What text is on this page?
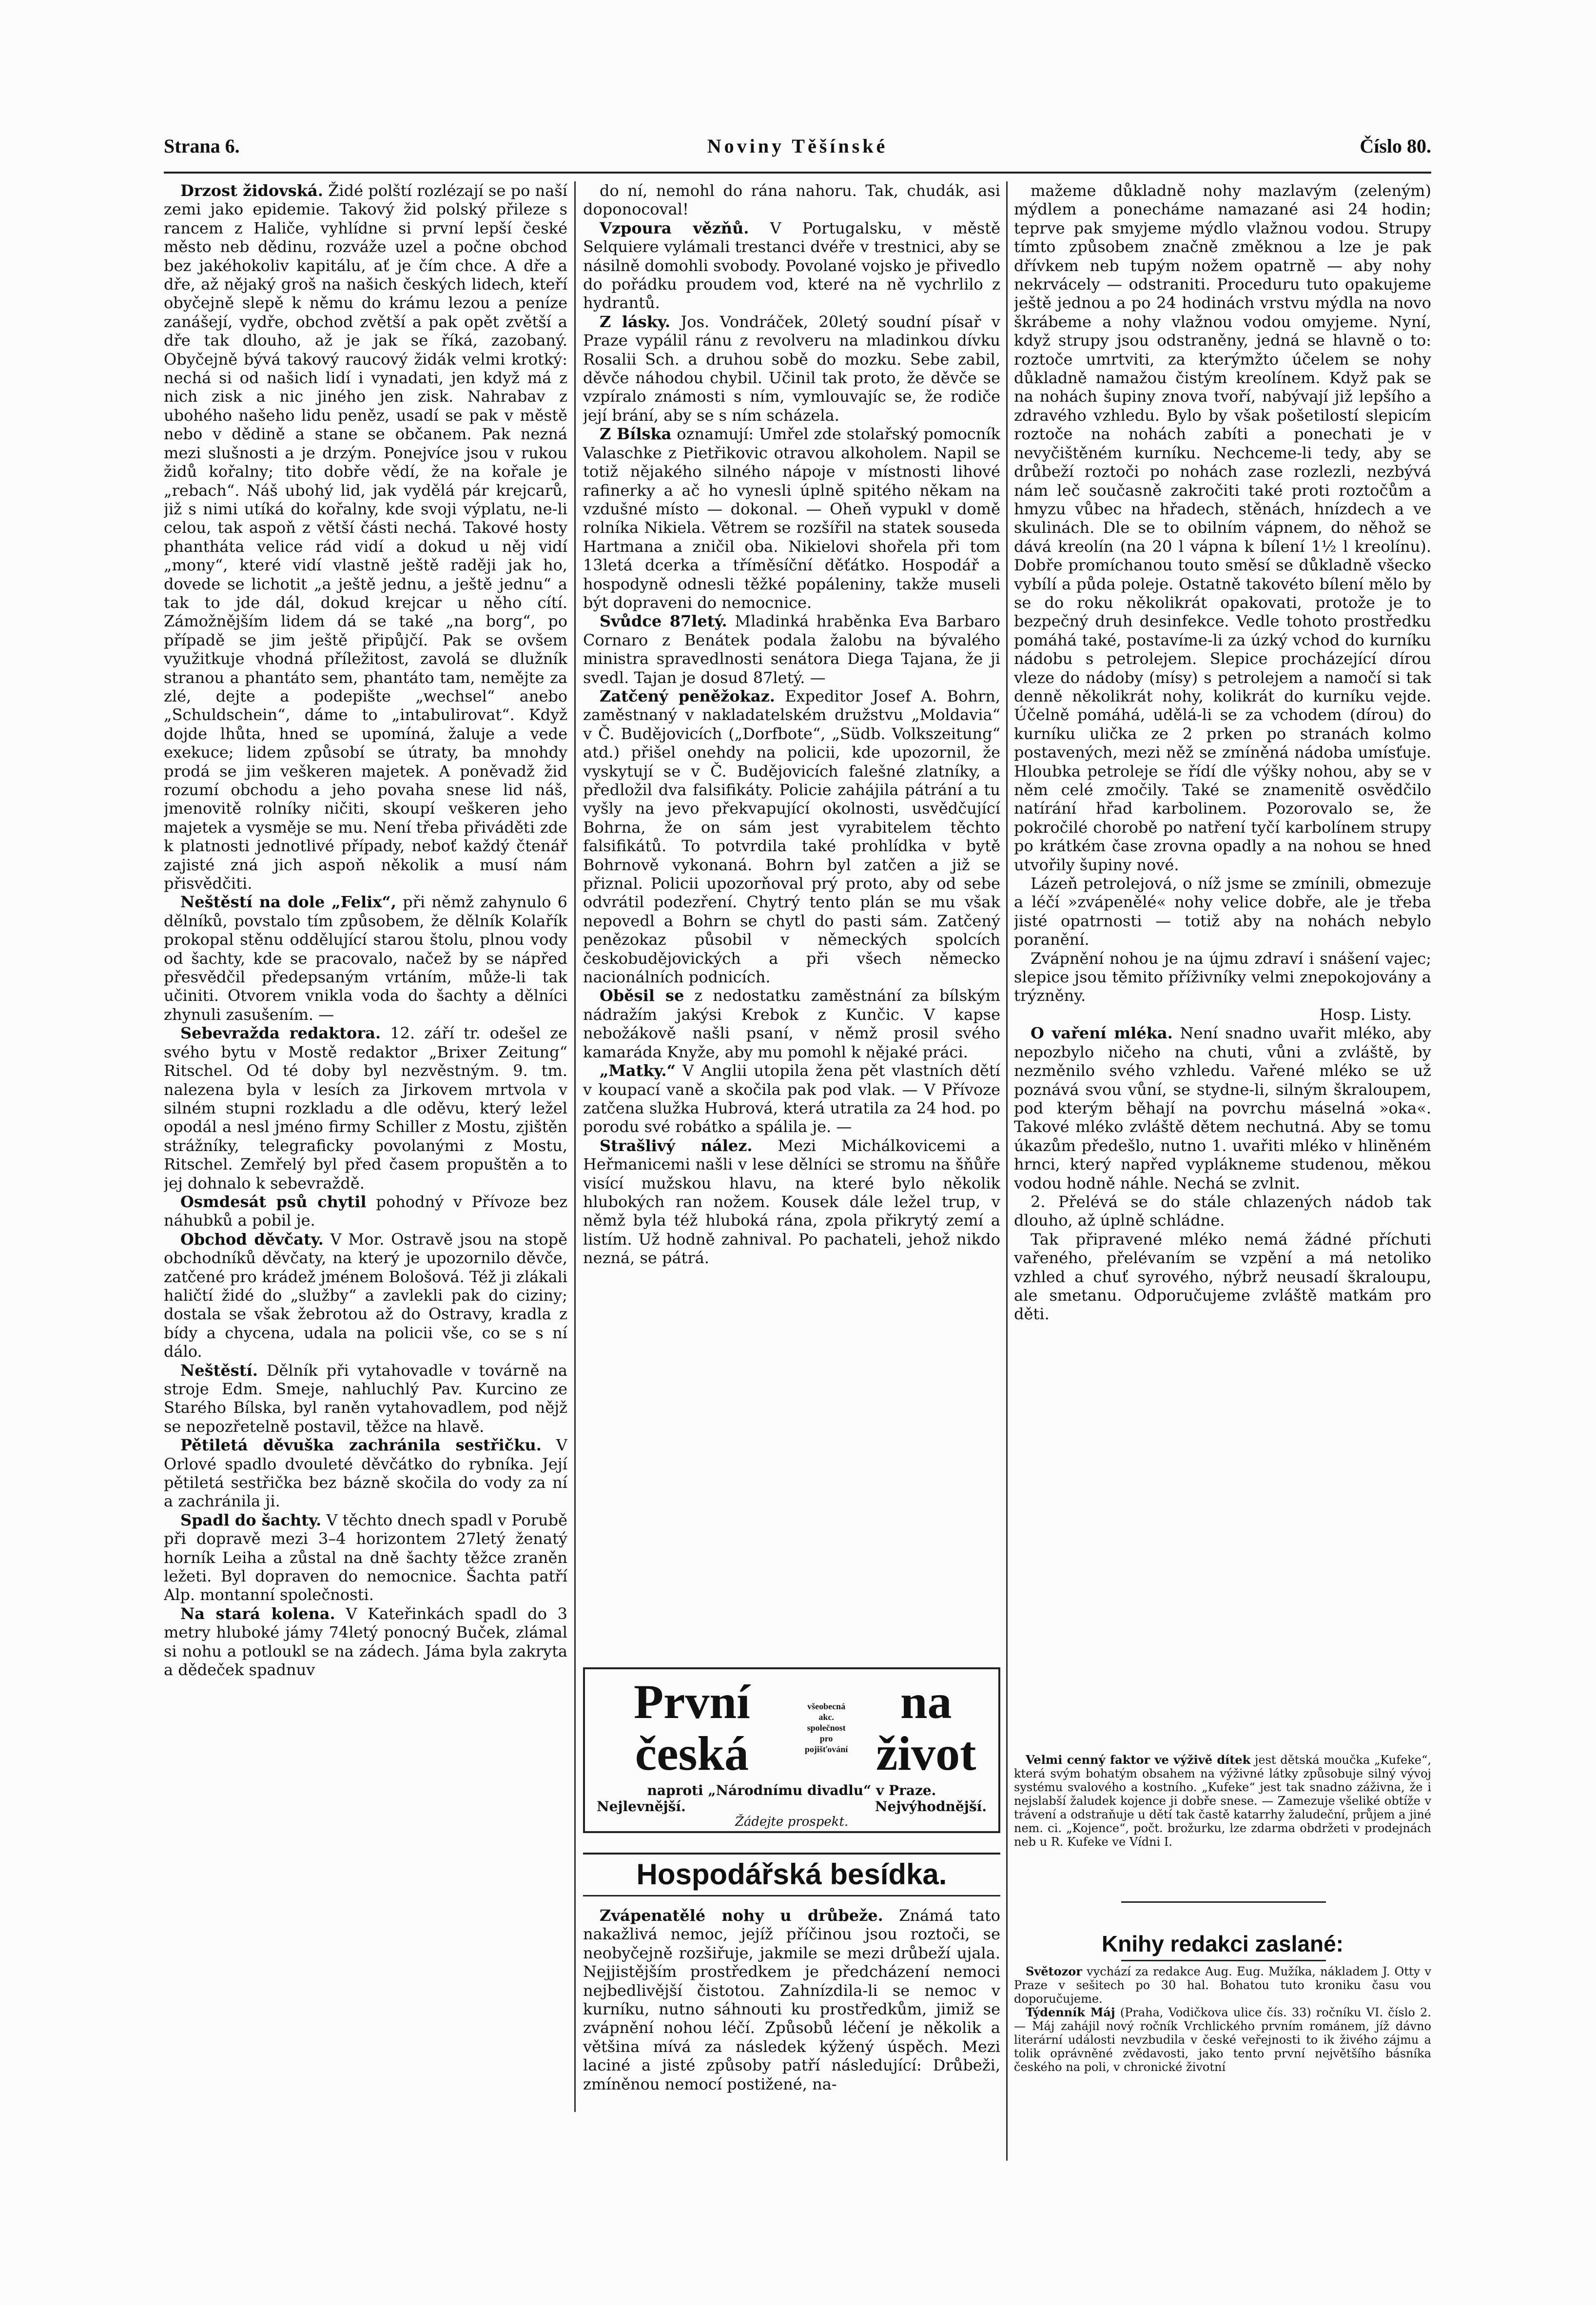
Strana 6.	Noviny Těšínské	Číslo 80.

Drzost židovská. Židé polští rozlézají se po naší zemi jako epidemie. Takový žid polský přileze s rancem z Haliče, vyhlídne si první lepší české město neb dědinu, rozváže uzel a počne obchod bez jakéhokoliv kapitálu, ať je čím chce. A dře a dře, až nějaký groš na našich českých lidech, kteří obyčejně slepě k němu do krámu lezou a peníze zanášejí, vydře, obchod zvětší a pak opět zvětší a dře tak dlouho, až je jak se říká, zazobaný. Obyčejně bývá takový raucový židák velmi krotký: nechá si od našich lidí i vynadati, jen když má z nich zisk a nic jiného jen zisk. Nahrabav z ubohého našeho lidu peněz, usadí se pak v městě nebo v dědině a stane se občanem. Pak nezná mezi slušnosti a je drzým. Ponejvíce jsou v rukou židů kořalny; tito dobře vědí, že na kořale je „rebach“. Náš ubohý lid, jak vydělá pár krejcarů, již s nimi utíká do kořalny, kde svoji výplatu, ne-li celou, tak aspoň z větší části nechá. Takové hosty phantháta velice rád vidí a dokud u něj vidí „mony“, které vidí vlastně ještě raději jak ho, dovede se lichotit „a ještě jednu, a ještě jednu“ a tak to jde dál, dokud krejcar u něho cítí. Zámožnějším lidem dá se také „na borg“, po případě se jim ještě připůjčí. Pak se ovšem využitkuje vhodná příležitost, zavolá se dlužník stranou a phantáto sem, phantáto tam, nemějte za zlé, dejte a podepište „wechsel“ anebo „Schuldschein“, dáme to „intabulirovat“. Když dojde lhůta, hned se upomíná, žaluje a vede exekuce; lidem způsobí se útraty, ba mnohdy prodá se jim veškeren majetek. A poněvadž žid rozumí obchodu a jeho povaha snese lid náš, jmenovitě rolníky ničiti, skoupí veškeren jeho majetek a vysměje se mu. Není třeba přiváděti zde k platnosti jednotlivé případy, neboť každý čtenář zajisté zná jich aspoň několik a musí nám přisvědčiti.

Neštěstí na dole „Felix“, při němž zahynulo 6 dělníků, povstalo tím způsobem, že dělník Kolařík prokopal stěnu oddělující starou štolu, plnou vody od šachty, kde se pracovalo, načež by se nápřed přesvědčil předepsaným vrtáním, může-li tak učiniti. Otvorem vnikla voda do šachty a dělníci zhynuli zasušením. —

Sebevražda redaktora. 12. září tr. odešel ze svého bytu v Mostě redaktor „Brixer Zeitung“ Ritschel. Od té doby byl nezvěstným. 9. tm. nalezena byla v lesích za Jirkovem mrtvola v silném stupni rozkladu a dle oděvu, který ležel opodál a nesl jméno firmy Schiller z Mostu, zjištěn strážníky, telegraficky povolanými z Mostu, Ritschel. Zemřelý byl před časem propuštěn a to jej dohnalo k sebevraždě.

Osmdesát psů chytil pohodný v Přívoze bez náhubků a pobil je.

Obchod děvčaty. V Mor. Ostravě jsou na stopě obchodníků děvčaty, na který je upozornilo děvče, zatčené pro krádež jménem Bološová. Též ji zlákali haličtí židé do „služby“ a zavlekli pak do ciziny; dostala se však žebrotou až do Ostravy, kradla z bídy a chycena, udala na policii vše, co se s ní dálo.

Neštěstí. Dělník při vytahovadle v továrně na stroje Edm. Smeje, nahluchlý Pav. Kurcino ze Starého Bílska, byl raněn vytahovadlem, pod nějž se nepozřetelně postavil, těžce na hlavě.

Pětiletá děvuška zachránila sestřičku. V Orlové spadlo dvouleté děvčátko do rybníka. Její pětiletá sestřička bez bázně skočila do vody za ní a zachránila ji.

Spadl do šachty. V těchto dnech spadl v Porubě při dopravě mezi 3–4 horizontem 27letý ženatý horník Leiha a zůstal na dně šachty těžce zraněn ležeti. Byl dopraven do nemocnice. Šachta patří Alp. montanní společnosti.

Na stará kolena. V Kateřinkách spadl do 3 metry hluboké jámy 74letý ponocný Buček, zlámal si nohu a potloukl se na zádech. Jáma byla zakryta a dědeček spadnuv

do ní, nemohl do rána nahoru. Tak, chudák, asi doponocoval!

Vzpoura vězňů. V Portugalsku, v městě Selquiere vylámali trestanci dvéře v trestnici, aby se násilně domohli svobody. Povolané vojsko je přivedlo do pořádku proudem vod, které na ně vychrlilo z hydrantů.

Z lásky. Jos. Vondráček, 20letý soudní písař v Praze vypálil ránu z revolveru na mladinkou dívku Rosalii Sch. a druhou sobě do mozku. Sebe zabil, děvče náhodou chybil. Učinil tak proto, že děvče se vzpíralo známosti s ním, vymlouvajíc se, že rodiče její brání, aby se s ním scházela.

Z Bílska oznamují: Umřel zde stolařský pomocník Valaschke z Pietřikovic otravou alkoholem. Napil se totiž nějakého silného nápoje v místnosti lihové rafinerky a ač ho vynesli úplně spitého někam na vzdušné místo — dokonal. — Oheň vypukl v domě rolníka Nikiela. Větrem se rozšířil na statek souseda Hartmana a zničil oba. Nikielovi shořela při tom 13letá dcerka a tříměsíční děťátko. Hospodář a hospodyně odnesli těžké popáleniny, takže museli být dopraveni do nemocnice.

Svůdce 87letý. Mladinká hraběnka Eva Barbaro Cornaro z Benátek podala žalobu na bývalého ministra spravedlnosti senátora Diega Tajana, že ji svedl. Tajan je dosud 87letý. —

Zatčený peněžokaz. Expeditor Josef A. Bohrn, zaměstnaný v nakladatelském družstvu „Moldavia“ v Č. Budějovicích („Dorfbote“, „Südb. Volkszeitung“ atd.) přišel onehdy na policii, kde upozornil, že vyskytují se v Č. Budějovicích falešné zlatníky, a předložil dva falsifikáty. Policie zahájila pátrání a tu vyšly na jevo překvapující okolnosti, usvědčující Bohrna, že on sám jest vyrabitelem těchto falsifikátů. To potvrdila také prohlídka v bytě Bohrnově vykonaná. Bohrn byl zatčen a již se přiznal. Policii upozorňoval prý proto, aby od sebe odvrátil podezření. Chytrý tento plán se mu však nepovedl a Bohrn se chytl do pasti sám. Zatčený penězokaz působil v německých spolcích českobudějovických a při všech německo nacionálních podnicích.

Oběsil se z nedostatku zaměstnání za bílským nádražím jakýsi Krebok z Kunčic. V kapse nebožákově našli psaní, v němž prosil svého kamaráda Knyže, aby mu pomohl k nějaké práci.

„Matky.“ V Anglii utopila žena pět vlastních dětí v koupací vaně a skočila pak pod vlak. — V Přívoze zatčena služka Hubrová, která utratila za 24 hod. po porodu své robátko a spálila je. —

Strašlivý nález. Mezi Michálkovicemi a Heřmanicemi našli v lese dělníci se stromu na šňůře visící mužskou hlavu, na které bylo několik hlubokých ran nožem. Kousek dále ležel trup, v němž byla též hluboká rána, zpola přikrytý zemí a listím. Už hodně zahnival. Po pachateli, jehož nikdo nezná, se pátrá.

mažeme důkladně nohy mazlavým (zeleným) mýdlem a ponecháme namazané asi 24 hodin; teprve pak smyjeme mýdlo vlažnou vodou. Strupy tímto způsobem značně změknou a lze je pak dřívkem neb tupým nožem opatrně — aby nohy nekrvácely — odstraniti. Proceduru tuto opakujeme ještě jednou a po 24 hodinách vrstvu mýdla na novo škrábeme a nohy vlažnou vodou omyjeme. Nyní, když strupy jsou odstraněny, jedná se hlavně o to: roztoče umrtviti, za kterýmžto účelem se nohy důkladně namažou čistým kreolínem. Když pak se na nohách šupiny znova tvoří, nabývají již lepšího a zdravého vzhledu. Bylo by však pošetilostí slepicím roztoče na nohách zabíti a ponechati je v nevyčištěném kurníku. Nechceme-li tedy, aby se drůbeží roztoči po nohách zase rozlezli, nezbývá nám leč současně zakročiti také proti roztočům a hmyzu vůbec na hřadech, stěnách, hnízdech a ve skulinách. Dle se to obilním vápnem, do něhož se dává kreolín (na 20 l vápna k bílení 1½ l kreolínu). Dobře promíchanou touto směsí se důkladně všecko vybílí a půda polejе. Ostatně takovéto bílení mělo by se do roku několikrát opakovati, protože je to bezpečný druh desinfekce. Vedle tohoto prostředku pomáhá také, postavíme-li za úzký vchod do kurníku nádobu s petrolejem. Slepice procházející dírou vleze do nádoby (mísy) s petrolejem a namočí si tak denně několikrát nohy, kolikrát do kurníku vejde. Účelně pomáhá, udělá-li se za vchodem (dírou) do kurníku ulička ze 2 prken po stranách kolmo postavených, mezi něž se zmíněná nádoba umísťuje. Hloubka petroleje se řídí dle výšky nohou, aby se v něm celé zmočily. Také se znamenitě osvědčilo natírání hřad karbolinem. Pozorovalo se, že pokročilé chorobě po natření tyčí karbolínem strupy po krátkém čase zrovna opadly a na nohou se hned utvořily šupiny nové.

Lázeň petrolejová, o níž jsme se zmínili, obmezuje a léčí »zvápenělé« nohy velice dobře, ale je třeba jisté opatrnosti — totiž aby na nohách nebylo poranění.

Zvápnění nohou je na újmu zdraví i snášení vajec; slepice jsou těmito příživníky velmi znepokojovány a trýzněny.

Hosp. Listy.

O vaření mléka. Není snadno uvařit mléko, aby nepozbylo ničeho na chuti, vůni a zvláště, by nezměnilo svého vzhledu. Vařené mléko se už poznává svou vůní, se stydne-li, silným škraloupem, pod kterým běhají na povrchu máselná »oka«. Takové mléko zvláště dětem nechutná. Aby se tomu úkazům předešlo, nutno 1. uvařiti mléko v hliněném hrnci, který napřed vyplákneme studenou, měkou vodou hodně náhle. Nechá se zvlnit.

2. Přelévá se do stále chlazených nádob tak dlouho, až úplně schládne.

Tak připravené mléko nemá žádné příchuti vařeného, přelévaním se vzpění a má netoliko vzhled a chuť syrového, nýbrž neusadí škraloupu, ale smetanu. Odporučujeme zvláště matkám pro děti.

První česká
všeobecná akc.
společnost pro
pojišťování
na život
naproti „Národnímu divadlu“ v Praze.
Nejlevnější.	Nejvýhodnější.
Žádejte prospekt.
Hospodářská besídka.

Zvápenatělé nohy u drůbeže. Známá tato nakažlivá nemoc, jejíž příčinou jsou roztoči, se neobyčejně rozšiřuje, jakmile se mezi drůbeží ujala. Nejjistějším prostředkem je předcházení nemoci nejbedlivější čistotou. Zahnízdila-li se nemoc v kurníku, nutno sáhnouti ku prostředkům, jimiž se zvápnění nohou léčí. Způsobů léčení je několik a většina mívá za následek kýžený úspěch. Mezi laciné a jisté způsoby patří následující: Drůbeži, zmíněnou nemocí postižené, na-

Velmi cenný faktor ve výživě dítek jest dětská moučka „Kufeke“, která svým bohatým obsahem na výživné látky způsobuje silný vývoj systému svalového a kostního. „Kufeke“ jest tak snadno záživna, že i nejslabší žaludek kojence ji dobře snese. — Zamezuje všeliké obtíže v trávení a odstraňuje u dětí tak častě katarrhy žaludeční, průjem a jiné nem. ci. „Kojence“, počt. brožurku, lze zdarma obdržeti v prodejnách neb u R. Kufeke ve Vídni I.

Knihy redakci zaslané:

Světozor vychází za redakce Aug. Eug. Mužíka, nákladem J. Otty v Praze v sešitech po 30 hal. Bohatou tuto kroniku času vou doporučujeme.

Týdenník Máj (Praha, Vodičkova ulice čís. 33) ročníku VI. číslo 2. — Máj zahájil nový ročník Vrchlického prvním románem, jíž dávno literární události nevzbudila v české veřejnosti to ik živého zájmu a tolik oprávněné zvědavosti, jako tento první největšího básníka českého na poli, v chronické životní
